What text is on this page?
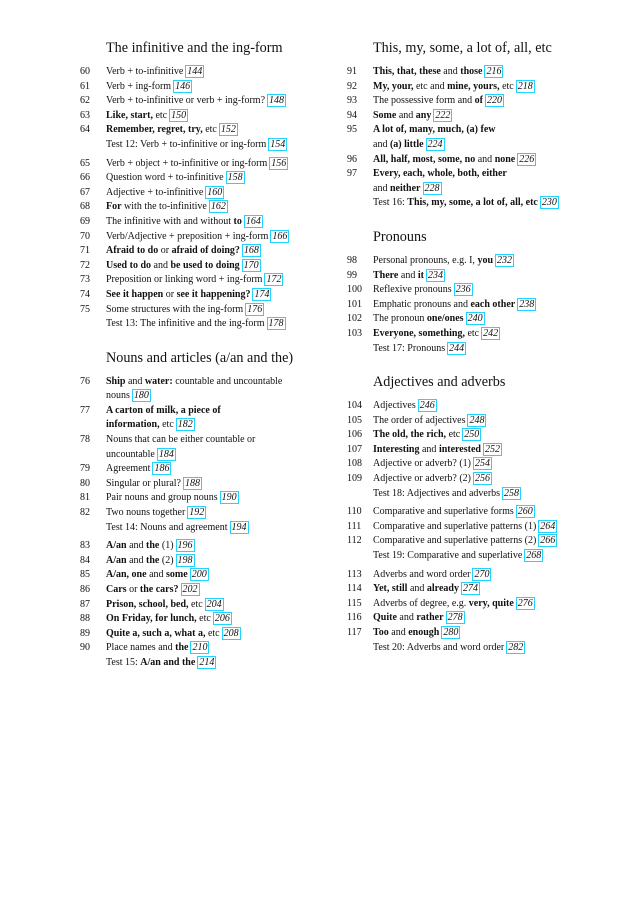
The infinitive and the ing-form
60	Verb + to-infinitive 144
61	Verb + ing-form 146
62	Verb + to-infinitive or verb + ing-form? 148
63	Like, start, etc 150
64	Remember, regret, try, etc 152
Test 12: Verb + to-infinitive or ing-form 154
65	Verb + object + to-infinitive or ing-form 156
66	Question word + to-infinitive 158
67	Adjective + to-infinitive 160
68	For with the to-infinitive 162
69	The infinitive with and without to 164
70	Verb/Adjective + preposition + ing-form 166
71	Afraid to do or afraid of doing? 168
72	Used to do and be used to doing 170
73	Preposition or linking word + ing-form 172
74	See it happen or see it happening? 174
75	Some structures with the ing-form 176
Test 13: The infinitive and the ing-form 178
Nouns and articles (a/an and the)
76	Ship and water: countable and uncountable
nouns 180
77	A carton of milk, a piece of
information, etc 182
78	Nouns that can be either countable or
uncountable 184
79	Agreement 186
80	Singular or plural? 188
81	Pair nouns and group nouns 190
82	Two nouns together 192
Test 14: Nouns and agreement 194
83	A/an and the (1) 196
84	A/an and the (2) 198
85	A/an, one and some 200
86	Cars or the cars? 202
87	Prison, school, bed, etc 204
88	On Friday, for lunch, etc 206
89	Quite a, such a, what a, etc 208
90	Place names and the 210
Test 15: A/an and the 214
This, my, some, a lot of, all, etc
91	This, that, these and those 216
92	My, your, etc and mine, yours, etc 218
93	The possessive form and of 220
94	Some and any 222
95	A lot of, many, much, (a) few
and (a) little 224
96	All, half, most, some, no and none 226
97	Every, each, whole, both, either
and neither 228
Test 16: This, my, some, a lot of, all, etc 230
Pronouns
98	Personal pronouns, e.g. I, you 232
99	There and it 234
100	Reflexive pronouns 236
101	Emphatic pronouns and each other 238
102	The pronoun one/ones 240
103	Everyone, something, etc 242
Test 17: Pronouns 244
Adjectives and adverbs
104	Adjectives 246
105	The order of adjectives 248
106	The old, the rich, etc 250
107	Interesting and interested 252
108	Adjective or adverb? (1) 254
109	Adjective or adverb? (2) 256
Test 18: Adjectives and adverbs 258
110	Comparative and superlative forms 260
111	Comparative and superlative patterns (1) 264
112	Comparative and superlative patterns (2) 266
Test 19: Comparative and superlative 268
113	Adverbs and word order 270
114	Yet, still and already 274
115	Adverbs of degree, e.g. very, quite 276
116	Quite and rather 278
117	Too and enough 280
Test 20: Adverbs and word order 282
